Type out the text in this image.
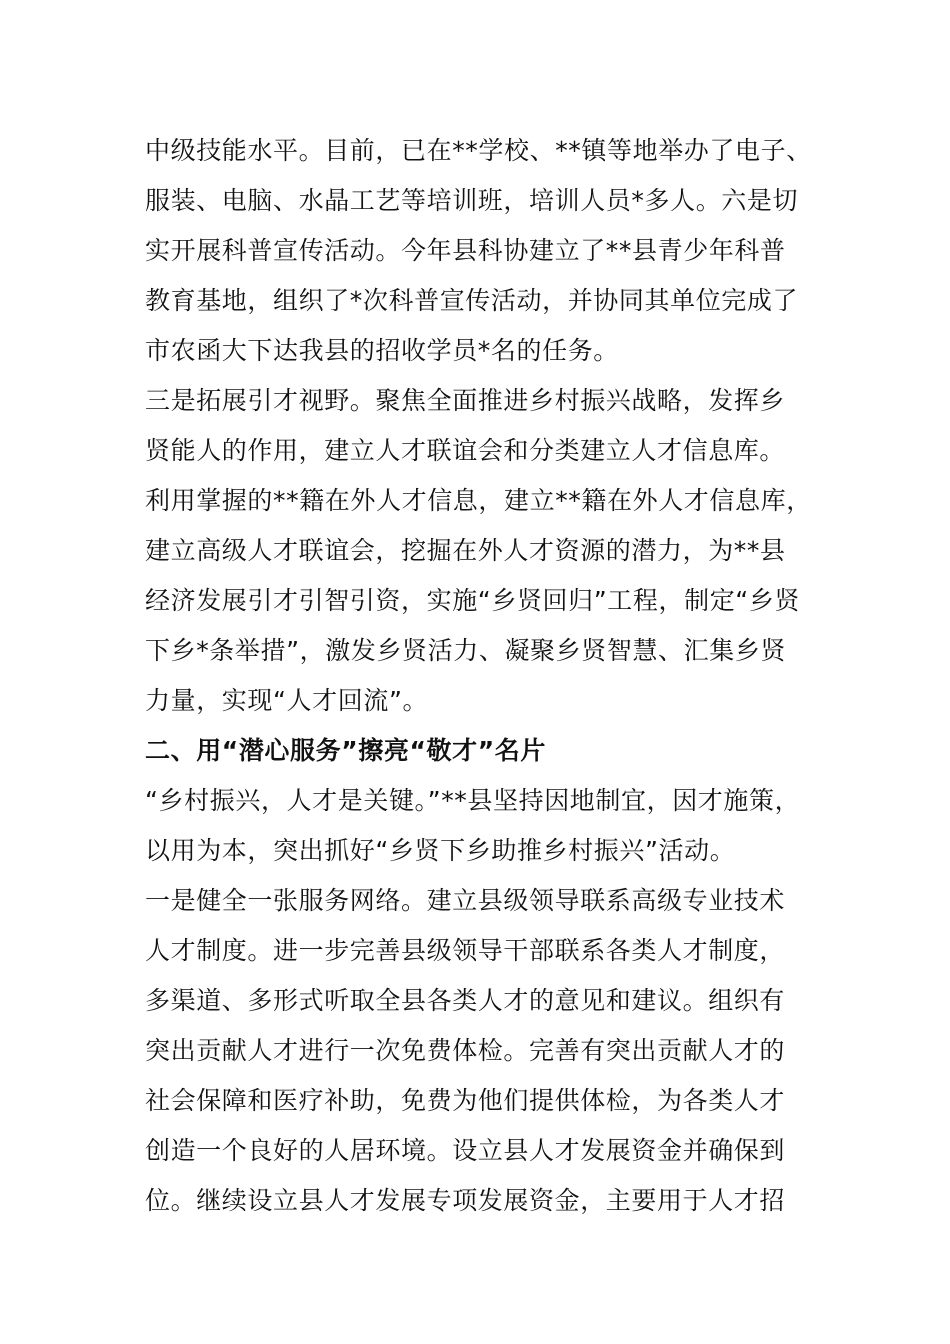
中级技能水平。目前，已在**学校、**镇等地举办了电子、
服装、电脑、水晶工艺等培训班，培训人员*多人。六是切
实开展科普宣传活动。今年县科协建立了**县青少年科普
教育基地，组织了*次科普宣传活动，并协同其单位完成了
市农函大下达我县的招收学员*名的任务。
三是拓展引才视野。聚焦全面推进乡村振兴战略，发挥乡
贤能人的作用，建立人才联谊会和分类建立人才信息库。
利用掌握的**籍在外人才信息，建立**籍在外人才信息库，
建立高级人才联谊会，挖掘在外人才资源的潜力，为**县
经济发展引才引智引资，实施“乡贤回归”工程，制定“乡贤
下乡*条举措”，激发乡贤活力、凝聚乡贤智慧、汇集乡贤
力量，实现“人才回流”。
二、用“潜心服务”擦亮“敬才”名片
“乡村振兴，人才是关键。”**县坚持因地制宜，因才施策，
以用为本，突出抓好“乡贤下乡助推乡村振兴”活动。
一是健全一张服务网络。建立县级领导联系高级专业技术
人才制度。进一步完善县级领导干部联系各类人才制度，
多渠道、多形式听取全县各类人才的意见和建议。组织有
突出贡献人才进行一次免费体检。完善有突出贡献人才的
社会保障和医疗补助，免费为他们提供体检，为各类人才
创造一个良好的人居环境。设立县人才发展资金并确保到
位。继续设立县人才发展专项发展资金，主要用于人才招
